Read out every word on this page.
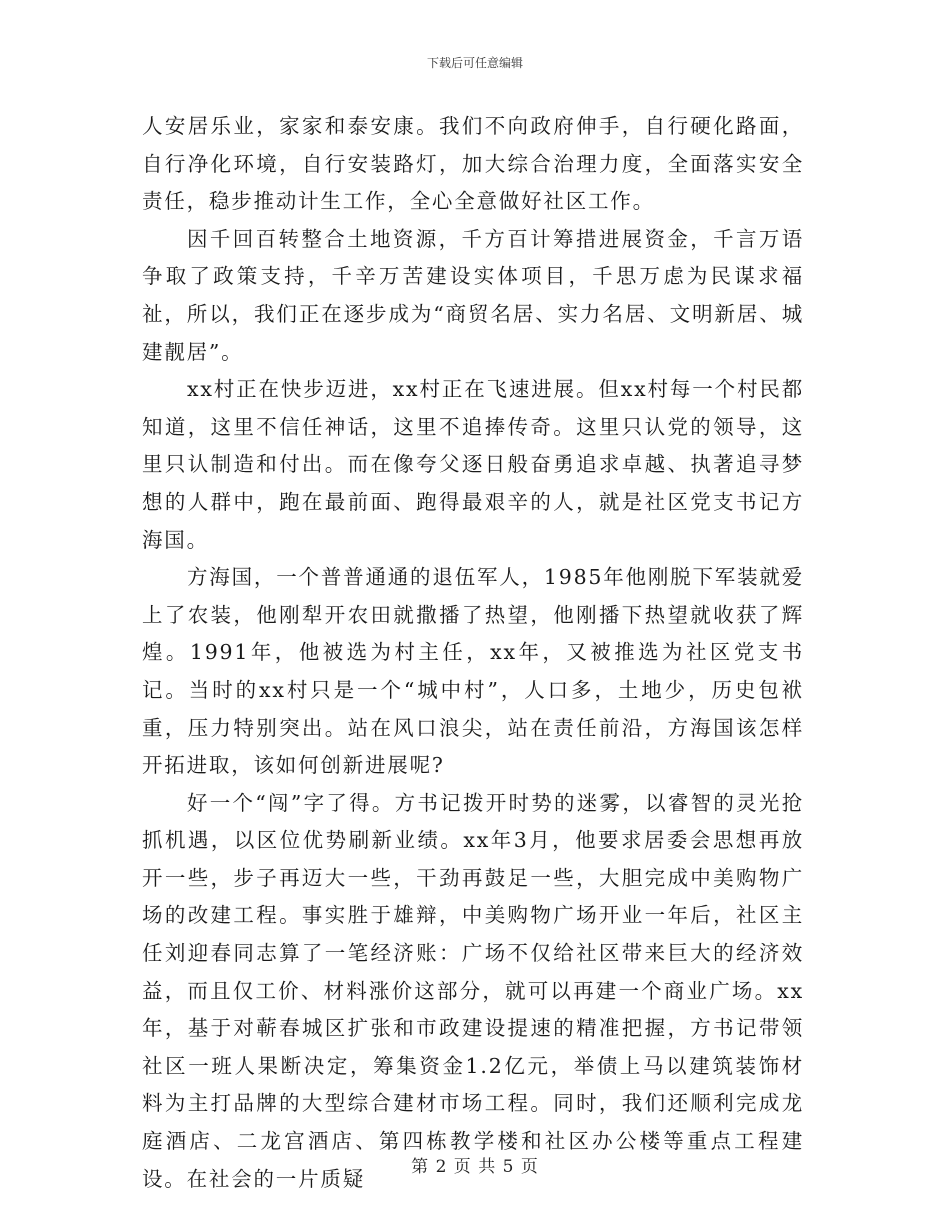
下载后可任意编辑

人安居乐业，家家和泰安康。我们不向政府伸手，自行硬化路面，自行净化环境，自行安装路灯，加大综合治理力度，全面落实安全责任，稳步推动计生工作，全心全意做好社区工作。

因千回百转整合土地资源，千方百计筹措进展资金，千言万语争取了政策支持，千辛万苦建设实体项目，千思万虑为民谋求福祉，所以，我们正在逐步成为“商贸名居、实力名居、文明新居、城建靓居”。

xx村正在快步迈进，xx村正在飞速进展。但xx村每一个村民都知道，这里不信任神话，这里不追捧传奇。这里只认党的领导，这里只认制造和付出。而在像夸父逐日般奋勇追求卓越、执著追寻梦想的人群中，跑在最前面、跑得最艰辛的人，就是社区党支书记方海国。

方海国，一个普普通通的退伍军人，1985年他刚脱下军装就爱上了农装，他刚犁开农田就撒播了热望，他刚播下热望就收获了辉煌。1991年，他被选为村主任，xx年，又被推选为社区党支书记。当时的xx村只是一个“城中村”，人口多，土地少，历史包袱重，压力特别突出。站在风口浪尖，站在责任前沿，方海国该怎样开拓进取，该如何创新进展呢?

好一个“闯”字了得。方书记拨开时势的迷雾，以睿智的灵光抢抓机遇，以区位优势刷新业绩。xx年3月，他要求居委会思想再放开一些，步子再迈大一些，干劲再鼓足一些，大胆完成中美购物广场的改建工程。事实胜于雄辩，中美购物广场开业一年后，社区主任刘迎春同志算了一笔经济账：广场不仅给社区带来巨大的经济效益，而且仅工价、材料涨价这部分，就可以再建一个商业广场。xx年，基于对蕲春城区扩张和市政建设提速的精准把握，方书记带领社区一班人果断决定，筹集资金1.2亿元，举债上马以建筑装饰材料为主打品牌的大型综合建材市场工程。同时，我们还顺利完成龙庭酒店、二龙宫酒店、第四栋教学楼和社区办公楼等重点工程建设。在社会的一片质疑	第 2 页 共 5 页
